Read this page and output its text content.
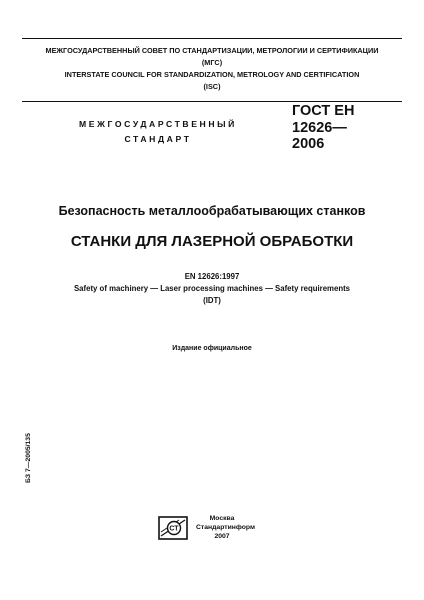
МЕЖГОСУДАРСТВЕННЫЙ СОВЕТ ПО СТАНДАРТИЗАЦИИ, МЕТРОЛОГИИ И СЕРТИФИКАЦИИ
(МГС)
INTERSTATE COUNCIL FOR STANDARDIZATION, METROLOGY AND CERTIFICATION
(ISC)
МЕЖГОСУДАРСТВЕННЫЙ
СТАНДАРТ
ГОСТ ЕН
12626—
2006
Безопасность металлообрабатывающих станков
СТАНКИ ДЛЯ ЛАЗЕРНОЙ ОБРАБОТКИ
EN 12626:1997
Safety of machinery — Laser processing machines — Safety requirements
(IDT)
Издание официальное
БЗ 7—2005/135
СТ
Москва
Стандартинформ
2007
